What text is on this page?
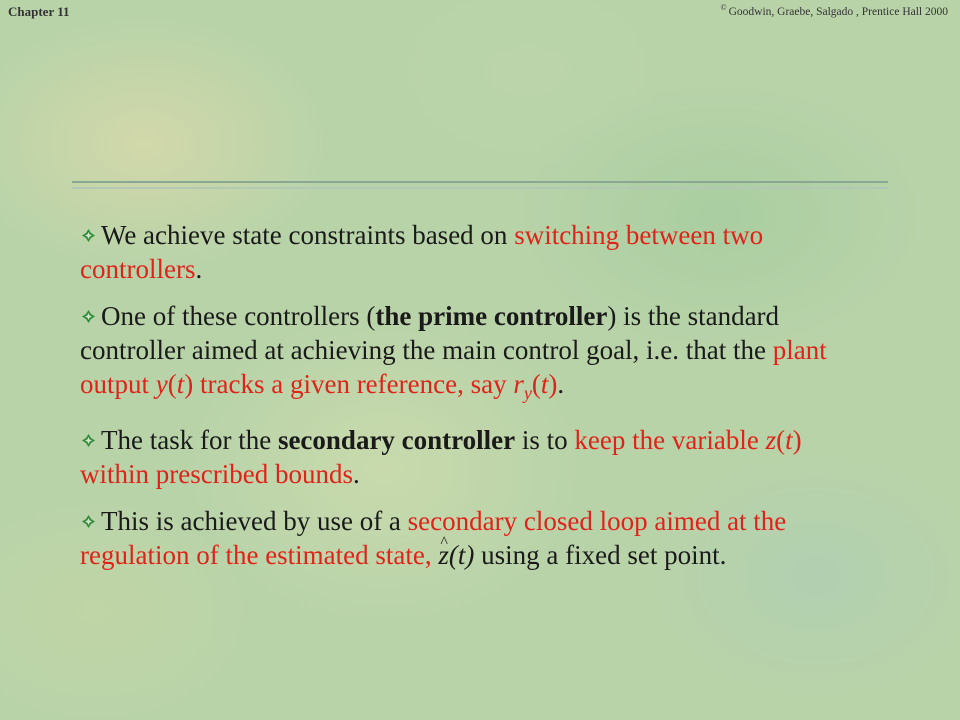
Chapter 11	© Goodwin, Graebe, Salgado , Prentice Hall 2000
We achieve state constraints based on switching between two controllers.
One of these controllers (the prime controller) is the standard controller aimed at achieving the main control goal, i.e. that the plant output y(t) tracks a given reference, say $r_y(t)$.
The task for the secondary controller is to keep the variable z(t) within prescribed bounds.
This is achieved by use of a secondary closed loop aimed at the regulation of the estimated state, ^ z(t) using a fixed set point.
